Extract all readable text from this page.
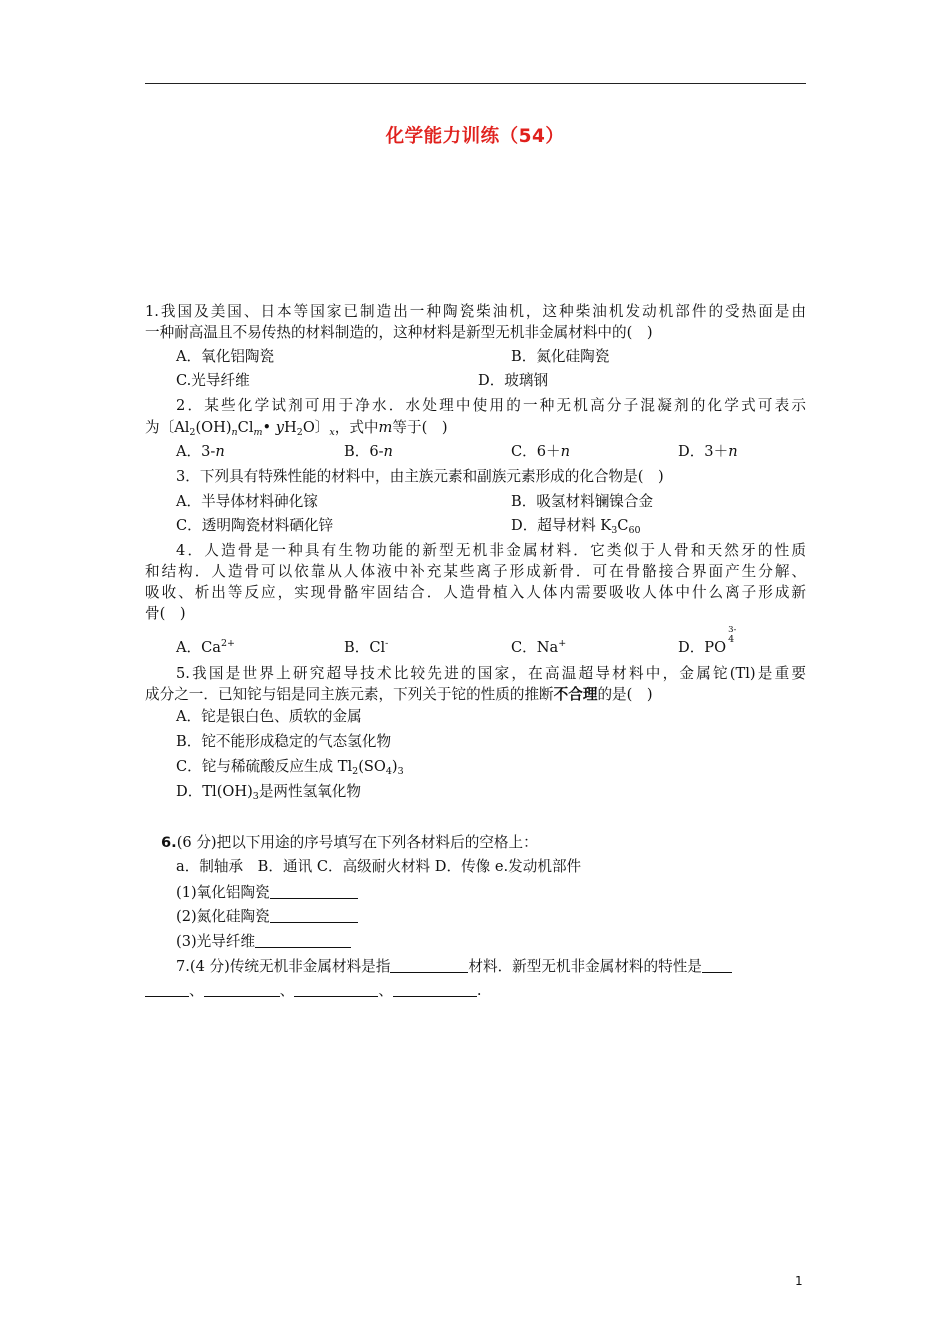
化学能力训练（54）
1.我国及美国、日本等国家已制造出一种陶瓷柴油机，这种柴油机发动机部件的受热面是由
一种耐高温且不易传热的材料制造的，这种材料是新型无机非金属材料中的(　)
A．氧化铝陶瓷	B．氮化硅陶瓷
C.光导纤维	D．玻璃钢
2．某些化学试剂可用于净水．水处理中使用的一种无机高分子混凝剂的化学式可表示
为〔$Al_2(OH)_nCl_m•$ $yH_2O$〕$_x$，式中m等于(　)
A．3-n	B．6-n	C．6＋n	D．3＋n
3．下列具有特殊性能的材料中，由主族元素和副族元素形成的化合物是(　)
A．半导体材料砷化镓	B．吸氢材料镧镍合金
C．透明陶瓷材料硒化锌	D．超导材料 $K_3C_{60}$
4．人造骨是一种具有生物功能的新型无机非金属材料．它类似于人骨和天然牙的性质
和结构．人造骨可以依靠从人体液中补充某些离子形成新骨．可在骨骼接合界面产生分解、
吸收、析出等反应，实现骨骼牢固结合．人造骨植入人体内需要吸收人体中什么离子形成新
骨(　)
A．$Ca^{2+}$	B．Cl-	C．Na+	D．PO
3-
4
5.我国是世界上研究超导技术比较先进的国家，在高温超导材料中，金属铊(Tl)是重要
成分之一．已知铊与铝是同主族元素，下列关于铊的性质的推断不合理的是(　)
A．铊是银白色、质软的金属
B．铊不能形成稳定的气态氢化物
C．铊与稀硫酸反应生成 $Tl_2(SO_4)_3$
D．$Tl(OH)_3$是两性氢氧化物
6.(6 分)把以下用途的序号填写在下列各材料后的空格上：
a．制轴承　B．通讯 C．高级耐火材料 D．传像 e.发动机部件
(1)氧化铝陶瓷
(2)氮化硅陶瓷
(3)光导纤维
7.(4 分)传统无机非金属材料是指	材料．新型无机非金属材料的特性是
、	、	、	.
1
